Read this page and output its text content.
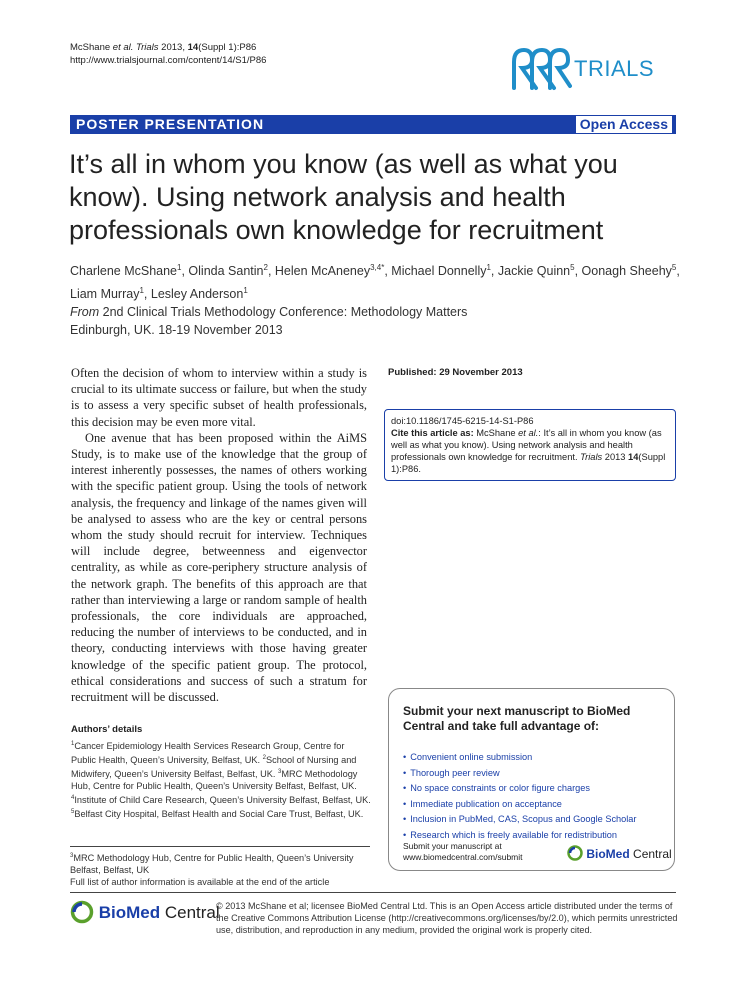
McShane et al. Trials 2013, 14(Suppl 1):P86
http://www.trialsjournal.com/content/14/S1/P86	TRIALS
POSTER PRESENTATION	Open Access
It’s all in whom you know (as well as what you know). Using network analysis and health professionals own knowledge for recruitment
Charlene McShane$^1$, Olinda Santin$^2$, Helen McAneney$^{3,4*}$, Michael Donnelly$^1$, Jackie Quinn$^5$, Oonagh Sheehy$^5$,
Liam Murray$^1$, Lesley Anderson$^1$
From 2nd Clinical Trials Methodology Conference: Methodology Matters
Edinburgh, UK. 18-19 November 2013

Often the decision of whom to interview within a study is crucial to its ultimate success or failure, but when the study is to assess a very specific subset of health professionals, this decision may be even more vital.

One avenue that has been proposed within the AiMS Study, is to make use of the knowledge that the group of interest inherently possesses, the names of others working with the specific patient group. Using the tools of network analysis, the frequency and linkage of the names given will be analysed to assess who are the key or central persons whom the study should recruit for interview. Techniques will include degree, betweenness and eigenvector centrality, as while as core-periphery structure analysis of the network graph. The benefits of this approach are that rather than interviewing a large or random sample of health professionals, the core individuals are approached, reducing the number of interviews to be conducted, and in theory, conducting interviews with those having greater knowledge of the specific patient group. The protocol, ethical considerations and success of such a stratum for recruitment will be discussed.

Published: 29 November 2013
doi:10.1186/1745-6215-14-S1-P86
Cite this article as: McShane et al.: It’s all in whom you know (as well as what you know). Using network analysis and health professionals own knowledge for recruitment. Trials 2013 14(Suppl 1):P86.
Submit your next manuscript to BioMed Central and take full advantage of:
• Convenient online submission
• Thorough peer review
• No space constraints or color figure charges
• Immediate publication on acceptance
• Inclusion in PubMed, CAS, Scopus and Google Scholar
• Research which is freely available for redistribution
Submit your manuscript at
www.biomedcentral.com/submit	BioMed Central
Authors’ details
$^1$Cancer Epidemiology Health Services Research Group, Centre for Public Health, Queen’s University, Belfast, UK. $^2$School of Nursing and Midwifery, Queen’s University Belfast, Belfast, UK. $^3$MRC Methodology Hub, Centre for Public Health, Queen’s University Belfast, Belfast, UK. $^4$Institute of Child Care Research, Queen’s University Belfast, Belfast, UK. $^5$Belfast City Hospital, Belfast Health and Social Care Trust, Belfast, UK.
$^3$MRC Methodology Hub, Centre for Public Health, Queen’s University Belfast, Belfast, UK
Full list of author information is available at the end of the article
BioMed Central
© 2013 McShane et al; licensee BioMed Central Ltd. This is an Open Access article distributed under the terms of the Creative Commons Attribution License (http://creativecommons.org/licenses/by/2.0), which permits unrestricted use, distribution, and reproduction in any medium, provided the original work is properly cited.
